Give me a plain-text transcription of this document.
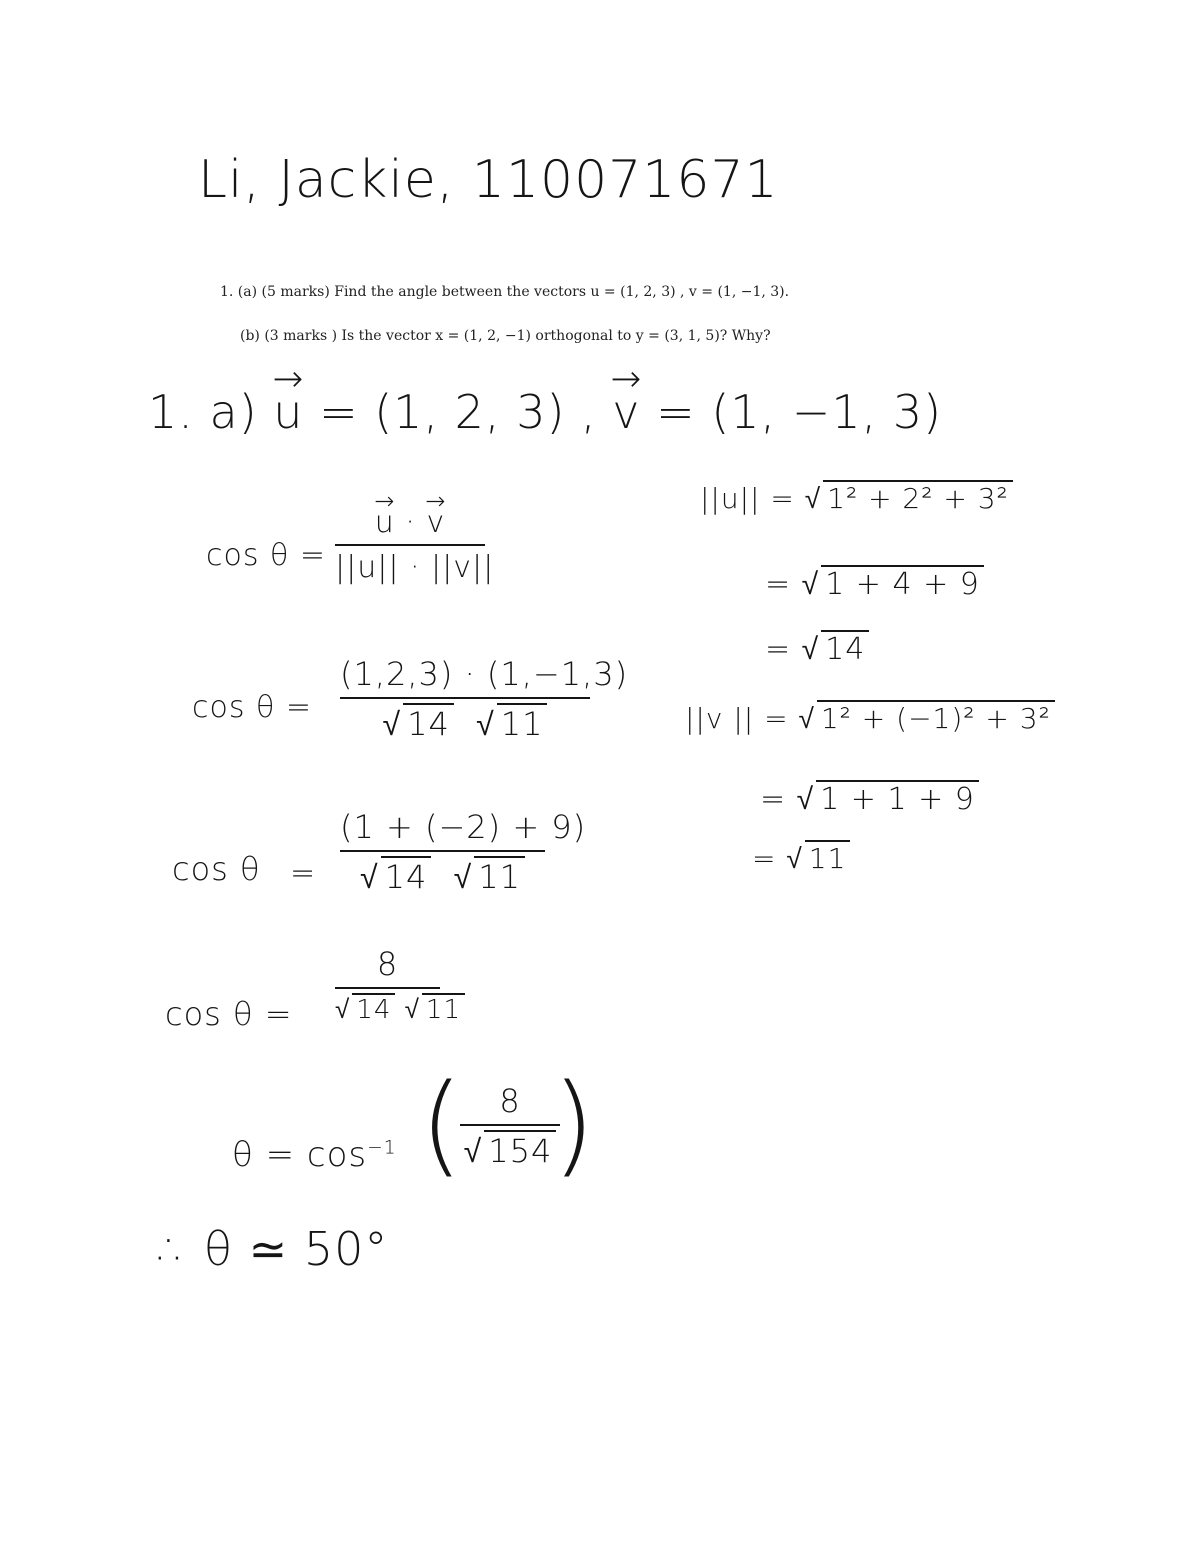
Li, Jackie, 110071671
1. (a) (5 marks) Find the angle between the vectors u = (1, 2, 3) , v = (1, −1, 3).
(b) (3 marks ) Is the vector x = (1, 2, −1) orthogonal to y = (3, 1, 5)? Why?
1. a) → u = (1, 2, 3) , → v = (1, −1, 3)
cos θ =
→ u · → v
||u|| · ||v||
cos θ =
(1,2,3) · (1,−1,3)
√ 14  √ 11
cos θ =
(1 + (−2) + 9)
√ 14  √ 11
cos θ =
8
√ 14 √ 11
$\theta = \cos^{-1}$ (	8
√ 154 )
∴ θ ≃ 50°
||u|| = √ 1² + 2² + 3²
= √ 1 + 4 + 9
= √ 14
||v || = √ 1² + (−1)² + 3²
= √ 1 + 1 + 9
= √ 11
